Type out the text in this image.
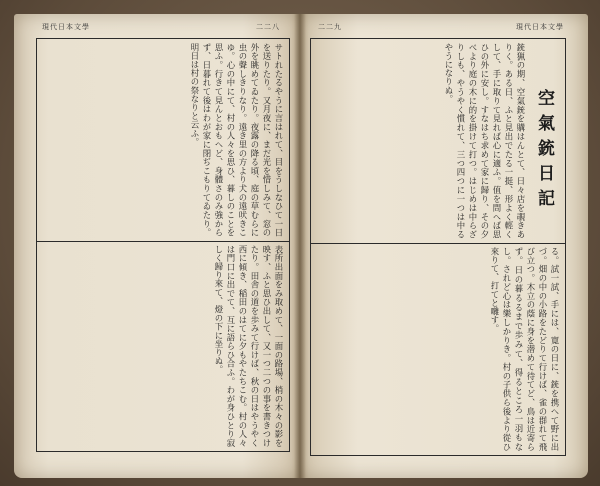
現代日本文學	二二八
サトれたるやうに言はれて、目をうしなひて一日を送りたり。又月夜に、まだ光を惜しみて、窓の外を眺めてゐたり。夜露の降る頃、庭の草むらに虫の聲しきりなり。遠き里の方より犬の遠吠きこゆ。心の中にて、村の人々を思ひ、暮しのことを思ふ。行きて見んとおもへど、身體さのみ強からず、日暮れて後はわが家に閉ぢこもりてゐたり。明日は村の祭なりと云ふ。
表所出面をみ取めて、一面の路場、梢の木々の影を映す、ふと思ひ出して、又一つ二つの事を書きつけたり。田舎の道を歩みて行けば、秋の日はやうやく西に傾き、稲田のはてに夕もやたちこむ。村の人々は門口に出でて、互に語らひ合ふ。わが身ひとり寂しく歸り來て、燈の下に坐りぬ。
二二九	現代日本文學
空氣銃日記
銃猟の期、空氣銃を購はんとて、日々店を覗きありく。ある日、ふと見出でたる一挺、形よく輕くして、手に取りて見れば心に適ふ。值を問へば思ひの外に安し。すなはち求めて家に歸り、その夕べより庭の木に的を掛けて打つ。はじめは中らざりしも、やうやく慣れて、三つ四つに一つは中るやうになりぬ。
る。試一試、手には、寛の日に、銃を携へて野に出づ。畑の中の小路をたどりて行けば、雀の群れて飛び立つ。木立の蔭に身を潜めて待てど、鳥は近寄らず。日の暮るるまで歩みて、得るところ一羽もなし。されど心は樂しかりき。村の子供ら後より從ひ來りて、打てと囃す。
